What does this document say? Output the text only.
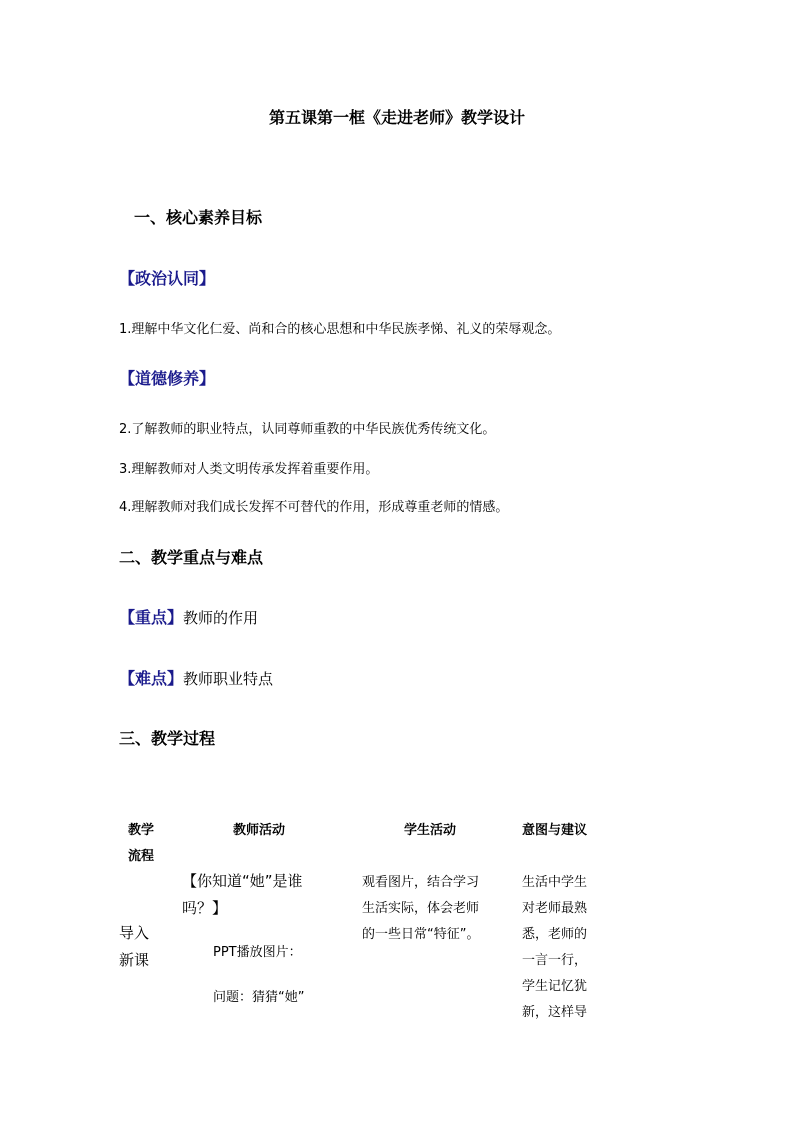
第五课第一框《走进老师》教学设计
一、核心素养目标
【政治认同】
1.理解中华文化仁爱、尚和合的核心思想和中华民族孝悌、礼义的荣辱观念。
【道德修养】
2.了解教师的职业特点，认同尊师重教的中华民族优秀传统文化。
3.理解教师对人类文明传承发挥着重要作用。
4.理解教师对我们成长发挥不可替代的作用，形成尊重老师的情感。
二、教学重点与难点
【重点】教师的作用
【难点】教师职业特点
三、教学过程
教学
流程
教师活动	学生活动	意图与建议
导入
新课
【你知道“她”是谁
吗？】
PPT播放图片：
问题：猜猜“她”
观看图片，结合学习
生活实际，体会老师
的一些日常“特征”。
生活中学生
对老师最熟
悉，老师的
一言一行，
学生记忆犹
新，这样导
